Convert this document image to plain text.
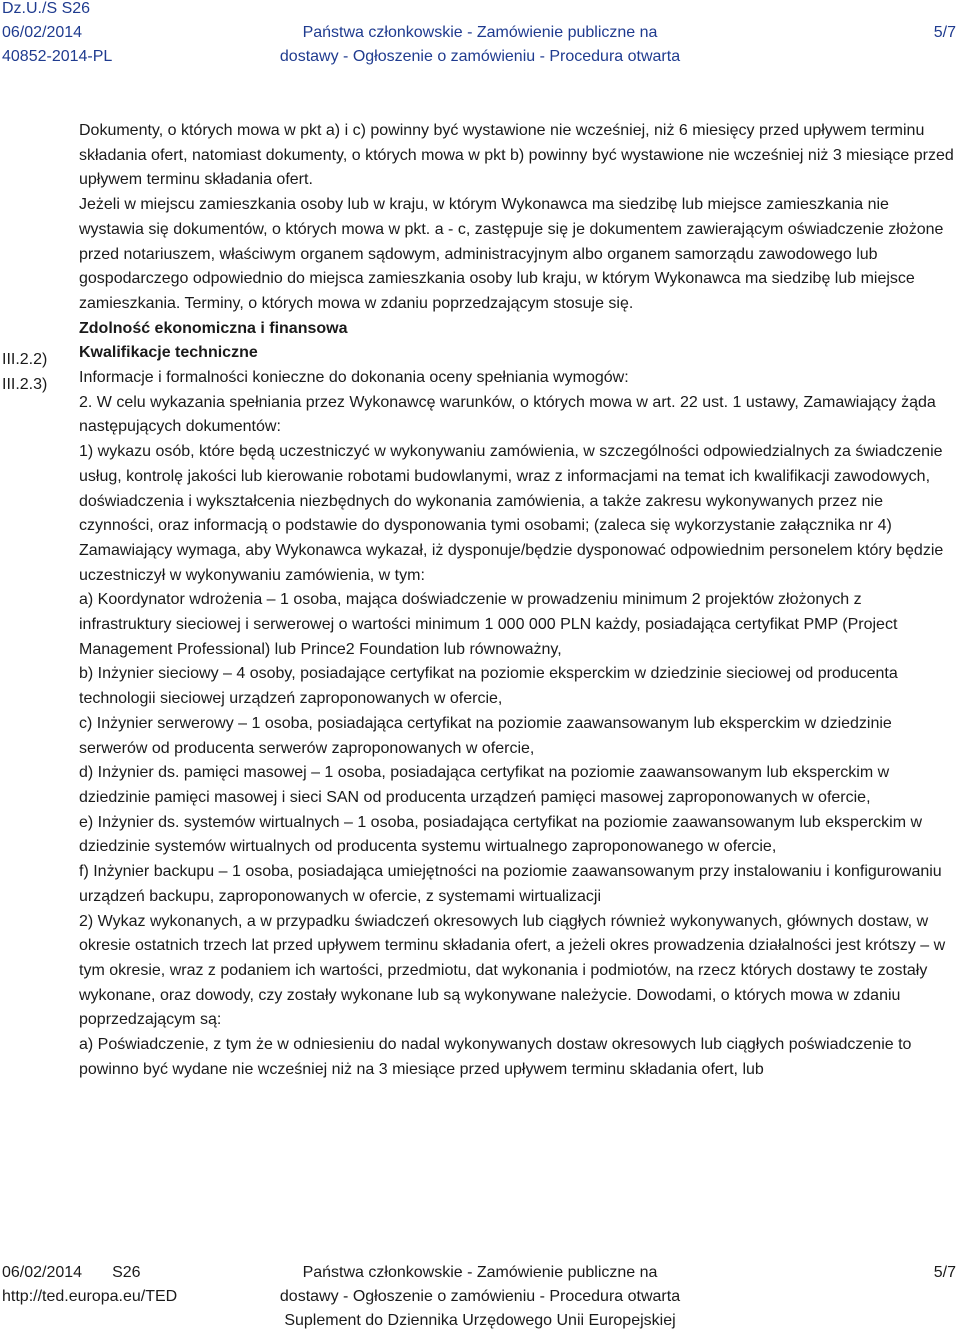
Dz.U./S S26
06/02/2014
40852-2014-PL
Państwa członkowskie - Zamówienie publiczne na
dostawy - Ogłoszenie o zamówieniu - Procedura otwarta
5/7
III.2.2)
III.2.3)

Dokumenty, o których mowa w pkt a) i c) powinny być wystawione nie wcześniej, niż 6 miesięcy przed upływem terminu składania ofert, natomiast dokumenty, o których mowa w pkt b) powinny być wystawione nie wcześniej niż 3 miesiące przed upływem terminu składania ofert.

Jeżeli w miejscu zamieszkania osoby lub w kraju, w którym Wykonawca ma siedzibę lub miejsce zamieszkania nie wystawia się dokumentów, o których mowa w pkt. a - c, zastępuje się je dokumentem zawierającym oświadczenie złożone przed notariuszem, właściwym organem sądowym, administracyjnym albo organem samorządu zawodowego lub gospodarczego odpowiednio do miejsca zamieszkania osoby lub kraju, w którym Wykonawca ma siedzibę lub miejsce zamieszkania. Terminy, o których mowa w zdaniu poprzedzającym stosuje się.

Zdolność ekonomiczna i finansowa

Kwalifikacje techniczne

Informacje i formalności konieczne do dokonania oceny spełniania wymogów:

2. W celu wykazania spełniania przez Wykonawcę warunków, o których mowa w art. 22 ust. 1 ustawy, Zamawiający żąda następujących dokumentów:

1) wykazu osób, które będą uczestniczyć w wykonywaniu zamówienia, w szczególności odpowiedzialnych za świadczenie usług, kontrolę jakości lub kierowanie robotami budowlanymi, wraz z informacjami na temat ich kwalifikacji zawodowych, doświadczenia i wykształcenia niezbędnych do wykonania zamówienia, a także zakresu wykonywanych przez nie czynności, oraz informacją o podstawie do dysponowania tymi osobami; (zaleca się wykorzystanie załącznika nr 4)

Zamawiający wymaga, aby Wykonawca wykazał, iż dysponuje/będzie dysponować odpowiednim personelem który będzie uczestniczył w wykonywaniu zamówienia, w tym:

a) Koordynator wdrożenia – 1 osoba, mająca doświadczenie w prowadzeniu minimum 2 projektów złożonych z infrastruktury sieciowej i serwerowej o wartości minimum 1 000 000 PLN każdy, posiadająca certyfikat PMP (Project Management Professional) lub Prince2 Foundation lub równoważny,

b) Inżynier sieciowy – 4 osoby, posiadające certyfikat na poziomie eksperckim w dziedzinie sieciowej od producenta technologii sieciowej urządzeń zaproponowanych w ofercie,

c) Inżynier serwerowy – 1 osoba, posiadająca certyfikat na poziomie zaawansowanym lub eksperckim w dziedzinie serwerów od producenta serwerów zaproponowanych w ofercie,

d) Inżynier ds. pamięci masowej – 1 osoba, posiadająca certyfikat na poziomie zaawansowanym lub eksperckim w dziedzinie pamięci masowej i sieci SAN od producenta urządzeń pamięci masowej zaproponowanych w ofercie,

e) Inżynier ds. systemów wirtualnych – 1 osoba, posiadająca certyfikat na poziomie zaawansowanym lub eksperckim w dziedzinie systemów wirtualnych od producenta systemu wirtualnego zaproponowanego w ofercie,

f) Inżynier backupu – 1 osoba, posiadająca umiejętności na poziomie zaawansowanym przy instalowaniu i konfigurowaniu urządzeń backupu, zaproponowanych w ofercie, z systemami wirtualizacji

2) Wykaz wykonanych, a w przypadku świadczeń okresowych lub ciągłych również wykonywanych, głównych dostaw, w okresie ostatnich trzech lat przed upływem terminu składania ofert, a jeżeli okres prowadzenia działalności jest krótszy – w tym okresie, wraz z podaniem ich wartości, przedmiotu, dat wykonania i podmiotów, na rzecz których dostawy te zostały wykonane, oraz dowody, czy zostały wykonane lub są wykonywane należycie. Dowodami, o których mowa w zdaniu poprzedzającym są:

a) Poświadczenie, z tym że w odniesieniu do nadal wykonywanych dostaw okresowych lub ciągłych poświadczenie to powinno być wydane nie wcześniej niż na 3 miesiące przed upływem terminu składania ofert, lub

06/02/2014 S26
http://ted.europa.eu/TED
Państwa członkowskie - Zamówienie publiczne na
dostawy - Ogłoszenie o zamówieniu - Procedura otwarta
Suplement do Dziennika Urzędowego Unii Europejskiej
5/7
